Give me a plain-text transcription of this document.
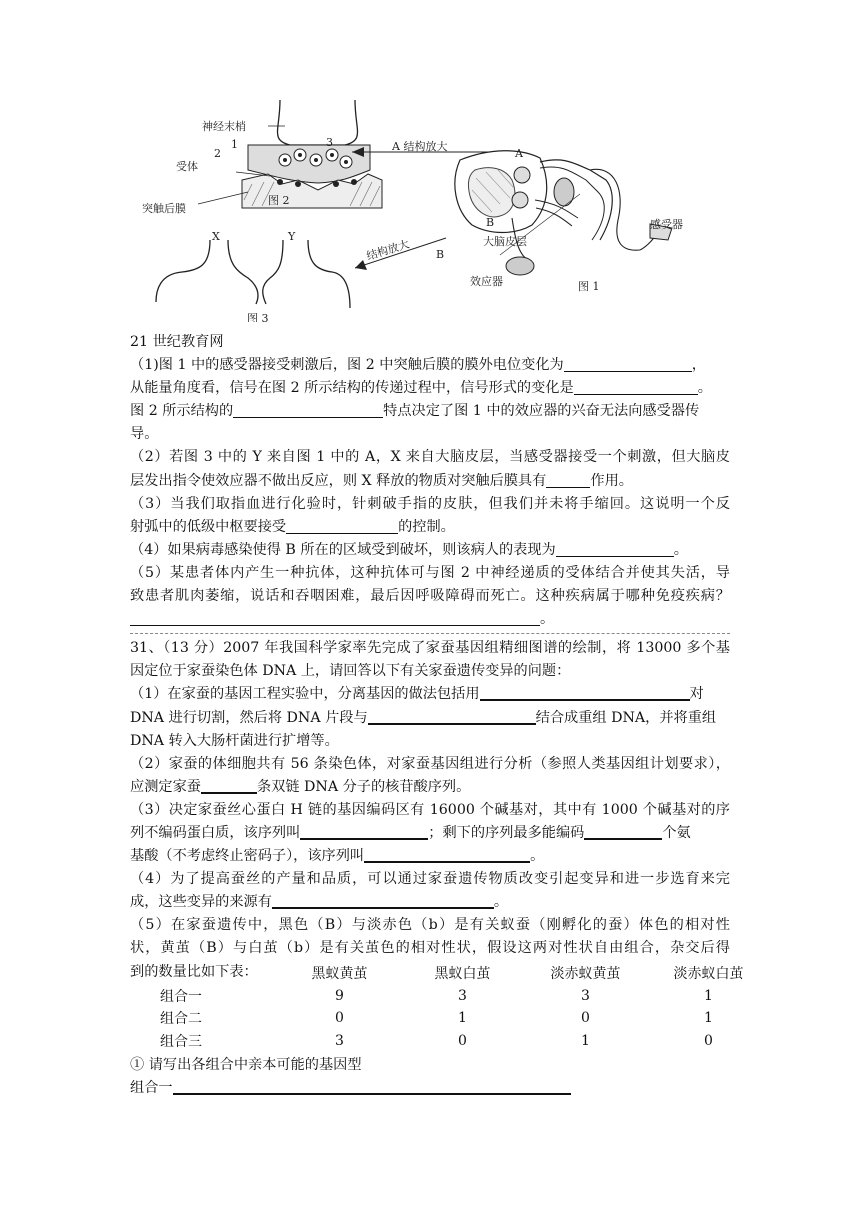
神经末梢
1
2
3
受体
突触后膜
图 2
X	Y
图 3
A 结构放大
结构放大
A
B
B
大脑皮层
感受器
效应器	图 1
21 世纪教育网
（1)图 1 中的感受器接受刺激后，图 2 中突触后膜的膜外电位变化为	，
从能量角度看，信号在图 2 所示结构的传递过程中，信号形式的变化是	。
图 2 所示结构的	特点决定了图 1 中的效应器的兴奋无法向感受器传
导。
（2）若图 3 中的 Y 来自图 1 中的 A，X 来自大脑皮层，当感受器接受一个刺激，但大脑皮
层发出指令使效应器不做出反应，则 X 释放的物质对突触后膜具有	作用。
（3）当我们取指血进行化验时，针刺破手指的皮肤，但我们并未将手缩回。这说明一个反
射弧中的低级中枢要接受	的控制。
（4）如果病毒感染使得 B 所在的区域受到破坏，则该病人的表现为	。
（5）某患者体内产生一种抗体，这种抗体可与图 2 中神经递质的受体结合并使其失活，导
致患者肌肉萎缩，说话和吞咽困难，最后因呼吸障碍而死亡。这种疾病属于哪种免疫疾病？
。
31、（13 分）2007 年我国科学家率先完成了家蚕基因组精细图谱的绘制，将 13000 多个基
因定位于家蚕染色体 DNA 上，请回答以下有关家蚕遗传变异的问题：
（1）在家蚕的基因工程实验中，分离基因的做法包括用	对
DNA 进行切割，然后将 DNA 片段与	结合成重组 DNA，并将重组
DNA 转入大肠杆菌进行扩增等。
（2）家蚕的体细胞共有 56 条染色体，对家蚕基因组进行分析（参照人类基因组计划要求），
应测定家蚕	条双链 DNA 分子的核苷酸序列。
（3）决定家蚕丝心蛋白 H 链的基因编码区有 16000 个碱基对，其中有 1000 个碱基对的序
列不编码蛋白质，该序列叫	；剩下的序列最多能编码	个氨
基酸（不考虑终止密码子），该序列叫	。
（4）为了提高蚕丝的产量和品质，可以通过家蚕遗传物质改变引起变异和进一步选育来完
成，这些变异的来源有	。
（5）在家蚕遗传中，黑色（B）与淡赤色（b）是有关蚁蚕（刚孵化的蚕）体色的相对性
状，黄茧（B）与白茧（b）是有关茧色的相对性状，假设这两对性状自由组合，杂交后得
到的数量比如下表：
		黑蚁黄茧	黑蚁白茧	淡赤蚁黄茧	淡赤蚁白茧
组合一	9	3	3	1
组合二	0	1	0	1
组合三	3	0	1	0
① 请写出各组合中亲本可能的基因型
组合一
